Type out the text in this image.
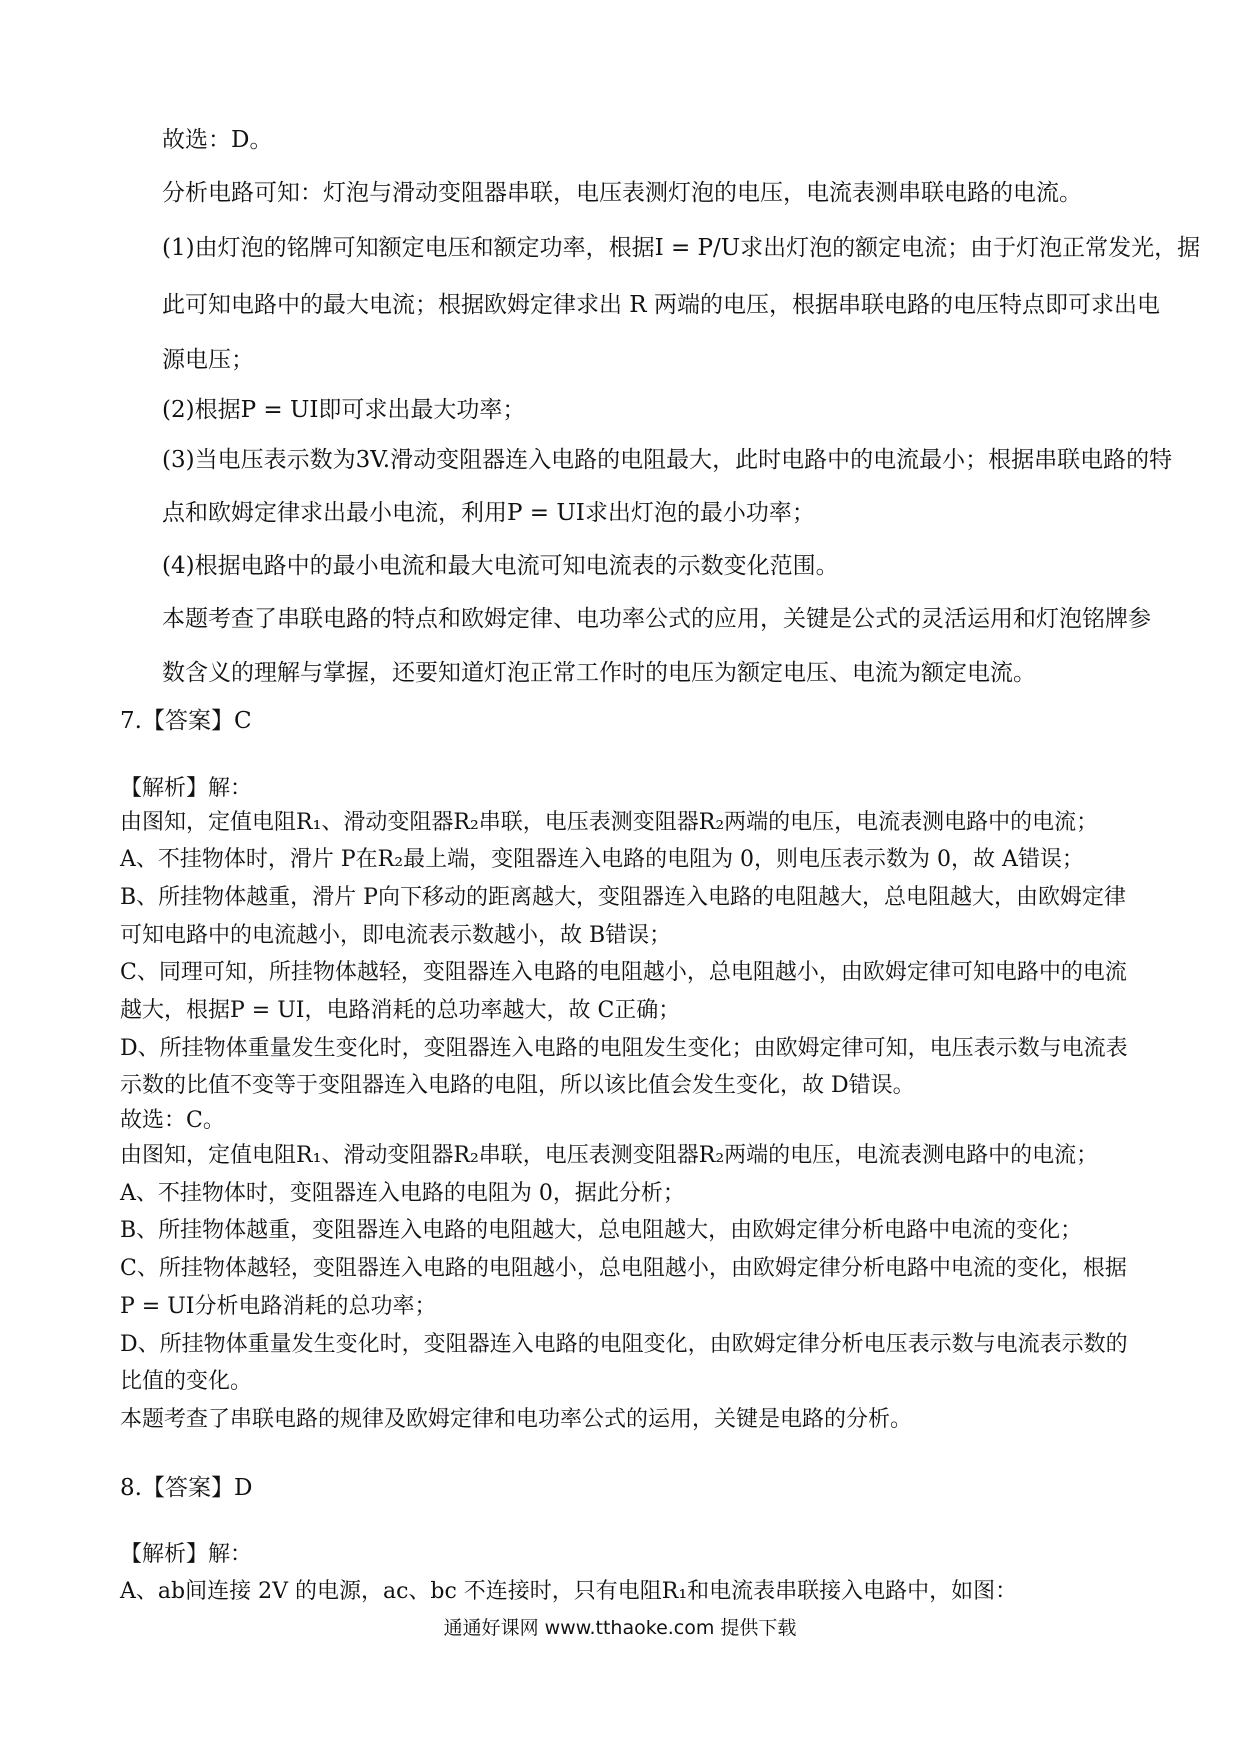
故选：D。
分析电路可知：灯泡与滑动变阻器串联，电压表测灯泡的电压，电流表测串联电路的电流。
(1)由灯泡的铭牌可知额定电压和额定功率，根据I = P/U求出灯泡的额定电流；由于灯泡正常发光，据
此可知电路中的最大电流；根据欧姆定律求出 R 两端的电压，根据串联电路的电压特点即可求出电
源电压；
(2)根据P = UI即可求出最大功率；
(3)当电压表示数为3V.滑动变阻器连入电路的电阻最大，此时电路中的电流最小；根据串联电路的特
点和欧姆定律求出最小电流，利用P = UI求出灯泡的最小功率；
(4)根据电路中的最小电流和最大电流可知电流表的示数变化范围。
本题考查了串联电路的特点和欧姆定律、电功率公式的应用，关键是公式的灵活运用和灯泡铭牌参
数含义的理解与掌握，还要知道灯泡正常工作时的电压为额定电压、电流为额定电流。
7.【答案】C
【解析】解：
由图知，定值电阻R₁、滑动变阻器R₂串联，电压表测变阻器R₂两端的电压，电流表测电路中的电流；
A、不挂物体时，滑片 P在R₂最上端，变阻器连入电路的电阻为 0，则电压表示数为 0，故 A错误；
B、所挂物体越重，滑片 P向下移动的距离越大，变阻器连入电路的电阻越大，总电阻越大，由欧姆定律
可知电路中的电流越小，即电流表示数越小，故 B错误；
C、同理可知，所挂物体越轻，变阻器连入电路的电阻越小，总电阻越小，由欧姆定律可知电路中的电流
越大，根据P = UI，电路消耗的总功率越大，故 C正确；
D、所挂物体重量发生变化时，变阻器连入电路的电阻发生变化；由欧姆定律可知，电压表示数与电流表
示数的比值不变等于变阻器连入电路的电阻，所以该比值会发生变化，故 D错误。
故选：C。
由图知，定值电阻R₁、滑动变阻器R₂串联，电压表测变阻器R₂两端的电压，电流表测电路中的电流；
A、不挂物体时，变阻器连入电路的电阻为 0，据此分析；
B、所挂物体越重，变阻器连入电路的电阻越大，总电阻越大，由欧姆定律分析电路中电流的变化；
C、所挂物体越轻，变阻器连入电路的电阻越小，总电阻越小，由欧姆定律分析电路中电流的变化，根据
P = UI分析电路消耗的总功率；
D、所挂物体重量发生变化时，变阻器连入电路的电阻变化，由欧姆定律分析电压表示数与电流表示数的
比值的变化。
本题考查了串联电路的规律及欧姆定律和电功率公式的运用，关键是电路的分析。
8.【答案】D
【解析】解：
A、ab间连接 2V 的电源，ac、bc 不连接时，只有电阻R₁和电流表串联接入电路中，如图：
通通好课网 www.tthaoke.com 提供下载
